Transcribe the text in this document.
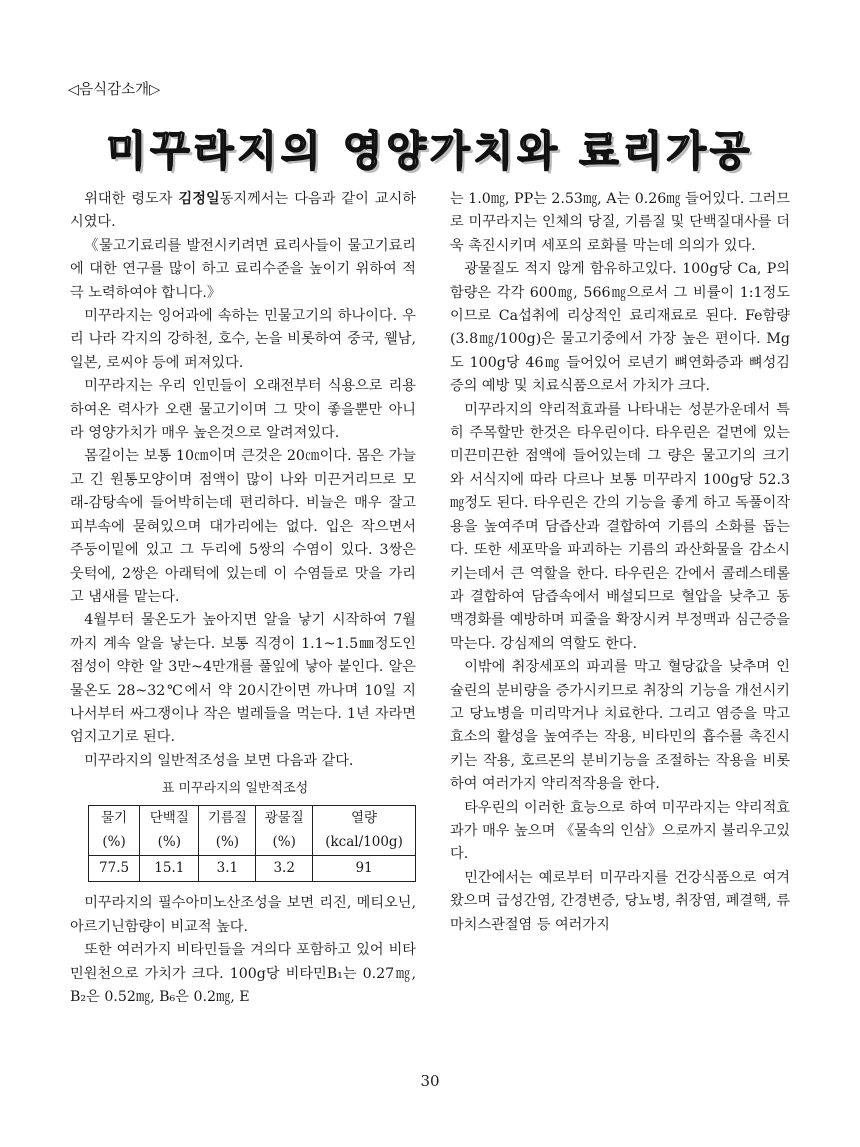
◁음식감소개▷
미꾸라지의 영양가치와 료리가공

위대한 령도자 김정일동지께서는 다음과 같이 교시하시였다.

《물고기료리를 발전시키려면 료리사들이 물고기료리에 대한 연구를 많이 하고 료리수준을 높이기 위하여 적극 노력하여야 합니다.》

미꾸라지는 잉어과에 속하는 민물고기의 하나이다. 우리 나라 각지의 강하천, 호수, 논을 비롯하여 중국, 웰남, 일본, 로씨야 등에 퍼져있다.

미꾸라지는 우리 인민들이 오래전부터 식용으로 리용하여온 력사가 오랜 물고기이며 그 맛이 좋을뿐만 아니라 영양가치가 매우 높은것으로 알려져있다.

몸길이는 보통 10㎝이며 큰것은 20㎝이다. 몸은 가늘고 긴 원통모양이며 점액이 많이 나와 미끈거리므로 모래-감탕속에 들어박히는데 편리하다. 비늘은 매우 잘고 피부속에 묻혀있으며 대가리에는 없다. 입은 작으면서 주둥이밑에 있고 그 두리에 5쌍의 수염이 있다. 3쌍은 웃턱에, 2쌍은 아래턱에 있는데 이 수염들로 맛을 가리고 냄새를 맡는다.

4월부터 물온도가 높아지면 알을 낳기 시작하여 7월까지 계속 알을 낳는다. 보통 직경이 1.1~1.5㎜정도인 점성이 약한 알 3만~4만개를 풀잎에 낳아 붙인다. 알은 물온도 28~32℃에서 약 20시간이면 까나며 10일 지나서부터 싸그쟁이나 작은 벌레들을 먹는다. 1년 자라면 엄지고기로 된다.

미꾸라지의 일반적조성을 보면 다음과 같다.

표 미꾸라지의 일반적조성
물기(%)	단백질(%)	기름질(%)	광물질(%)	열량(kcal/100g)
77.5	15.1	3.1	3.2	91

미꾸라지의 필수아미노산조성을 보면 리진, 메티오닌, 아르기닌함량이 비교적 높다.

또한 여러가지 비타민들을 겨의다 포함하고 있어 비타민원천으로 가치가 크다. 100g당 비타민B₁는 0.27㎎, B₂은 0.52㎎, B₆은 0.2㎎, E

는 1.0㎎, PP는 2.53㎎, A는 0.26㎎ 들어있다. 그러므로 미꾸라지는 인체의 당질, 기름질 및 단백질대사를 더욱 촉진시키며 세포의 로화를 막는데 의의가 있다.

광물질도 적지 않게 함유하고있다. 100g당 Ca, P의 함량은 각각 600㎎, 566㎎으로서 그 비률이 1:1정도이므로 Ca섭취에 리상적인 료리재료로 된다. Fe함량(3.8㎎/100g)은 물고기중에서 가장 높은 편이다. Mg도 100g당 46㎎ 들어있어 로년기 뼈연화증과 뼈성김증의 예방 및 치료식품으로서 가치가 크다.

미꾸라지의 약리적효과를 나타내는 성분가운데서 특히 주목할만 한것은 타우린이다. 타우린은 겉면에 있는 미끈미끈한 점액에 들어있는데 그 량은 물고기의 크기와 서식지에 따라 다르나 보통 미꾸라지 100g당 52.3㎎정도 된다. 타우린은 간의 기능을 좋게 하고 독풀이작용을 높여주며 담즙산과 결합하여 기름의 소화를 돕는다. 또한 세포막을 파괴하는 기름의 과산화물을 감소시키는데서 큰 역할을 한다. 타우린은 간에서 콜레스테롤과 결합하여 담즙속에서 배설되므로 혈압을 낮추고 동맥경화를 예방하며 피줄을 확장시켜 부정맥과 심근증을 막는다. 강심제의 역할도 한다.

이밖에 취장세포의 파괴를 막고 혈당값을 낮추며 인슐린의 분비량을 증가시키므로 취장의 기능을 개선시키고 당뇨병을 미리막거나 치료한다. 그리고 염증을 막고 효소의 활성을 높여주는 작용, 비타민의 흡수를 촉진시키는 작용, 호르몬의 분비기능을 조절하는 작용을 비롯하여 여러가지 약리적작용을 한다.

타우린의 이러한 효능으로 하여 미꾸라지는 약리적효과가 매우 높으며 《물속의 인삼》으로까지 불리우고있다.

민간에서는 예로부터 미꾸라지를 건강식품으로 여겨왔으며 급성간염, 간경변증, 당뇨병, 취장염, 폐결핵, 류마치스관절염 등 여러가지

30
